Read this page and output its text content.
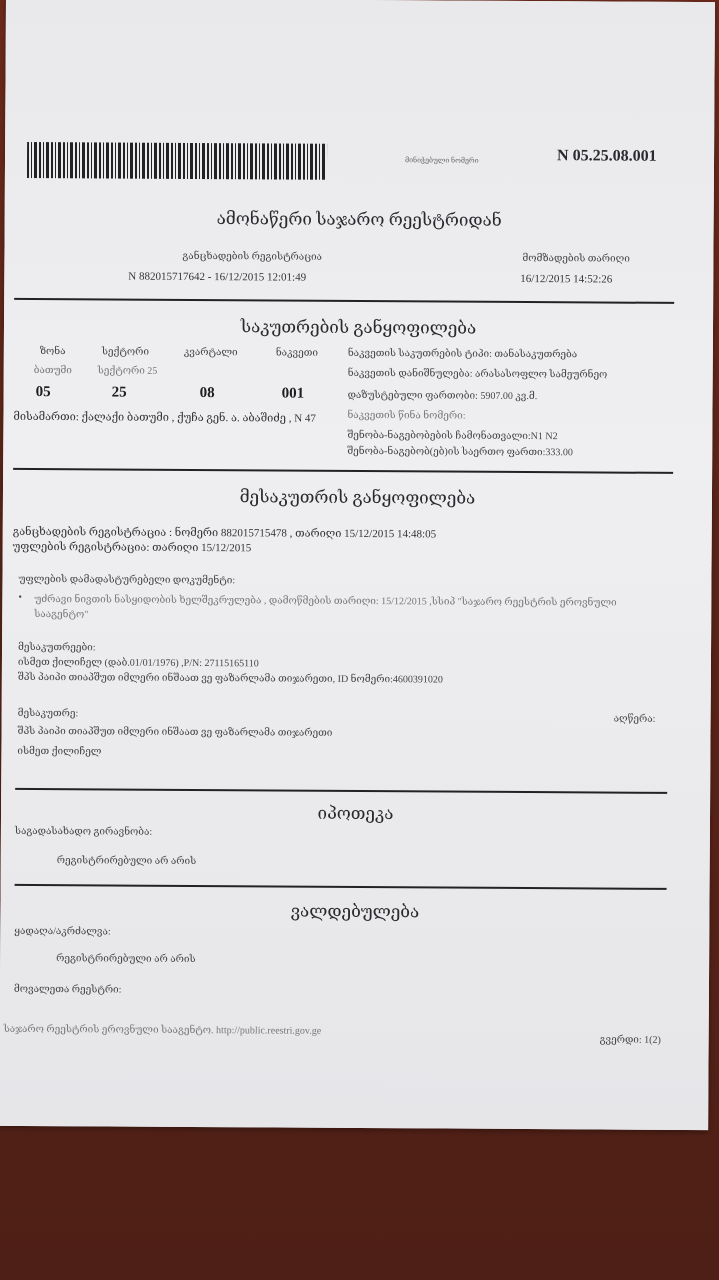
მინიჭებული ნომერი	N 05.25.08.001
ამონაწერი საჯარო რეესტრიდან
განცხადების რეგისტრაცია
N 882015717642 - 16/12/2015 12:01:49
მომზადების თარიღი
16/12/2015 14:52:26
საკუთრების განყოფილება
ზონა	სექტორი	კვარტალი	ნაკვეთი
ბათუმი	სექტორი 25
05	25	08	001
მისამართი: ქალაქი ბათუმი , ქუჩა გენ. ა. აბაშიძე , N 47
ნაკვეთის საკუთრების ტიპი: თანასაკუთრება
ნაკვეთის დანიშნულება: არასასოფლო სამეურნეო
დაზუსტებული ფართობი: 5907.00 კვ.მ.
ნაკვეთის წინა ნომერი:
შენობა-ნაგებობების ჩამონათვალი:N1 N2
შენობა-ნაგებობ(ებ)ის საერთო ფართი:333.00
მესაკუთრის განყოფილება
განცხადების რეგისტრაცია : ნომერი 882015715478 , თარიღი 15/12/2015 14:48:05
უფლების რეგისტრაცია: თარიღი 15/12/2015
უფლების დამადასტურებელი დოკუმენტი:
• უძრავი ნივთის ნასყიდობის ხელშეკრულება , დამოწმების თარიღი: 15/12/2015 ,სსიპ "საჯარო რეესტრის ეროვნული სააგენტო"
მესაკუთრეები:
ისმეთ ქილიჩელ (დაბ.01/01/1976) ,P/N: 27115165110
შპს პაიპი თიაპშუთ იმლერი ინშაათ ვე ფაზარლამა თიჯარეთი, ID ნომერი:4600391020
მესაკუთრე:	აღწერა:
შპს პაიპი თიაპშუთ იმლერი ინშაათ ვე ფაზარლამა თიჯარეთი
ისმეთ ქილიჩელ
იპოთეკა
საგადასახადო გირავნობა:
რეგისტრირებული არ არის
ვალდებულება
ყადაღა/აკრძალვა:
რეგისტრირებული არ არის
მოვალეთა რეესტრი:
საჯარო რეესტრის ეროვნული სააგენტო. http://public.reestri.gov.ge
გვერდი: 1(2)
